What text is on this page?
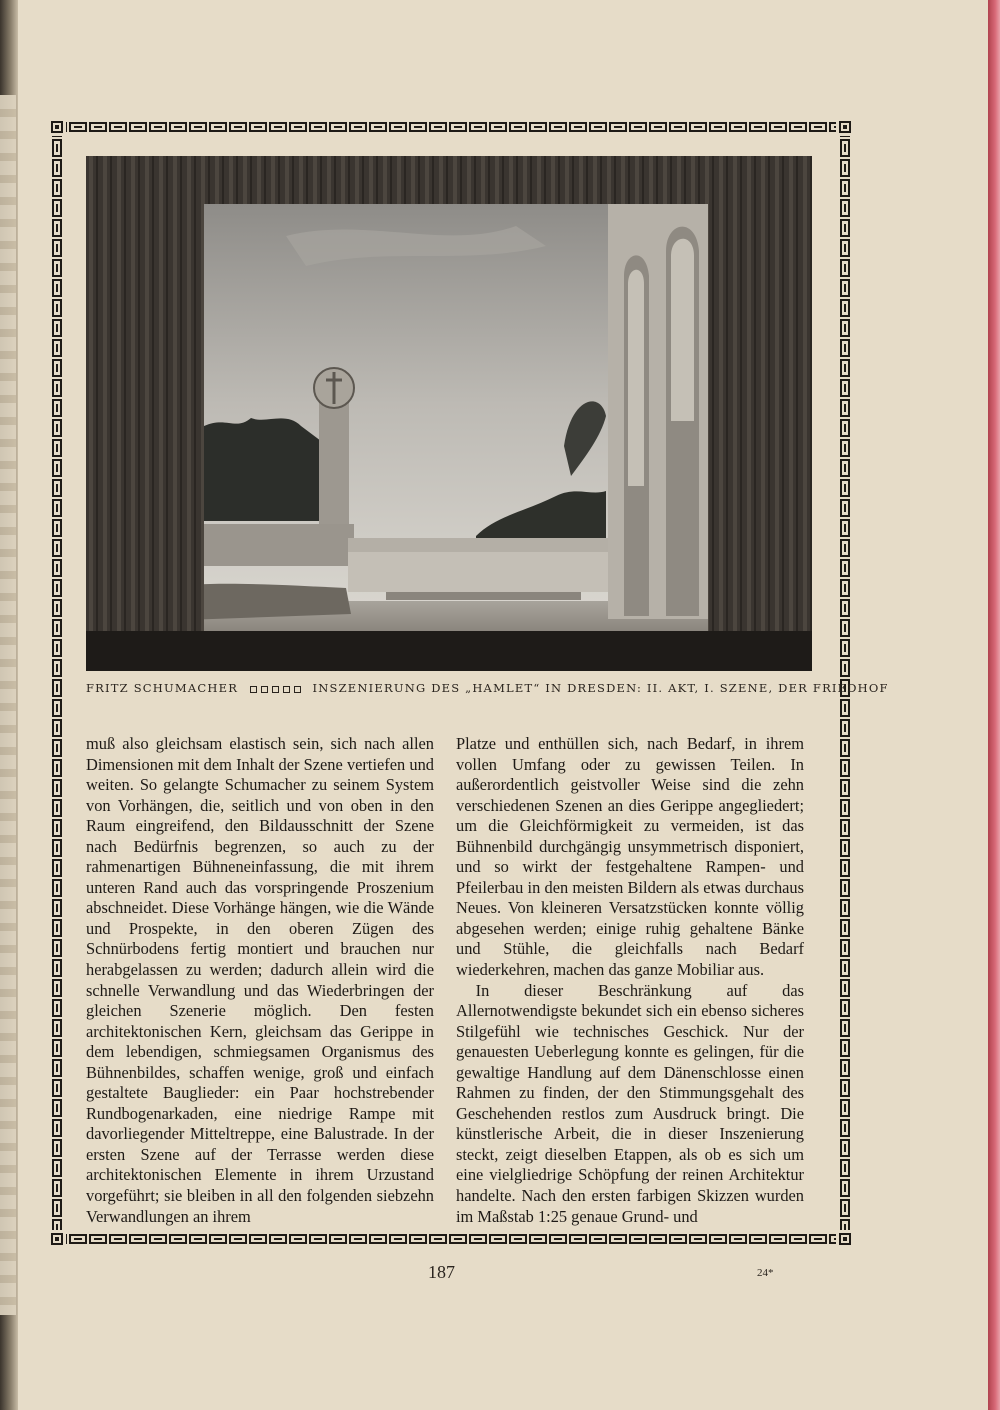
FRITZ SCHUMACHER	INSZENIERUNG DES „HAMLET“ IN DRESDEN: II. AKT, I. SZENE, DER FRIEDHOF

muß also gleichsam elastisch sein, sich nach allen Dimensionen mit dem Inhalt der Szene vertiefen und weiten. So gelangte Schumacher zu seinem System von Vorhängen, die, seitlich und von oben in den Raum eingreifend, den Bildausschnitt der Szene nach Bedürfnis begrenzen, so auch zu der rahmenartigen Bühneneinfassung, die mit ihrem unteren Rand auch das vorspringende Proszenium abschneidet. Diese Vorhänge hängen, wie die Wände und Prospekte, in den oberen Zügen des Schnürbodens fertig montiert und brauchen nur herabgelassen zu werden; dadurch allein wird die schnelle Verwandlung und das Wiederbringen der gleichen Szenerie möglich. Den festen architektonischen Kern, gleichsam das Gerippe in dem lebendigen, schmiegsamen Organismus des Bühnenbildes, schaffen wenige, groß und einfach gestaltete Bauglieder: ein Paar hochstrebender Rundbogenarkaden, eine niedrige Rampe mit davorliegender Mitteltreppe, eine Balustrade. In der ersten Szene auf der Terrasse werden diese architektonischen Elemente in ihrem Urzustand vorgeführt; sie bleiben in all den folgenden siebzehn Verwandlungen an ihrem

Platze und enthüllen sich, nach Bedarf, in ihrem vollen Umfang oder zu gewissen Teilen. In außerordentlich geistvoller Weise sind die zehn verschiedenen Szenen an dies Gerippe angegliedert; um die Gleichförmigkeit zu vermeiden, ist das Bühnenbild durchgängig unsymmetrisch disponiert, und so wirkt der festgehaltene Rampen- und Pfeilerbau in den meisten Bildern als etwas durchaus Neues. Von kleineren Versatzstücken konnte völlig abgesehen werden; einige ruhig gehaltene Bänke und Stühle, die gleichfalls nach Bedarf wiederkehren, machen das ganze Mobiliar aus.

In dieser Beschränkung auf das Allernotwendigste bekundet sich ein ebenso sicheres Stilgefühl wie technisches Geschick. Nur der genauesten Ueberlegung konnte es gelingen, für die gewaltige Handlung auf dem Dänenschlosse einen Rahmen zu finden, der den Stimmungsgehalt des Geschehenden restlos zum Ausdruck bringt. Die künstlerische Arbeit, die in dieser Inszenierung steckt, zeigt dieselben Etappen, als ob es sich um eine vielgliedrige Schöpfung der reinen Architektur handelte. Nach den ersten farbigen Skizzen wurden im Maßstab 1:25 genaue Grund- und

187	24*
